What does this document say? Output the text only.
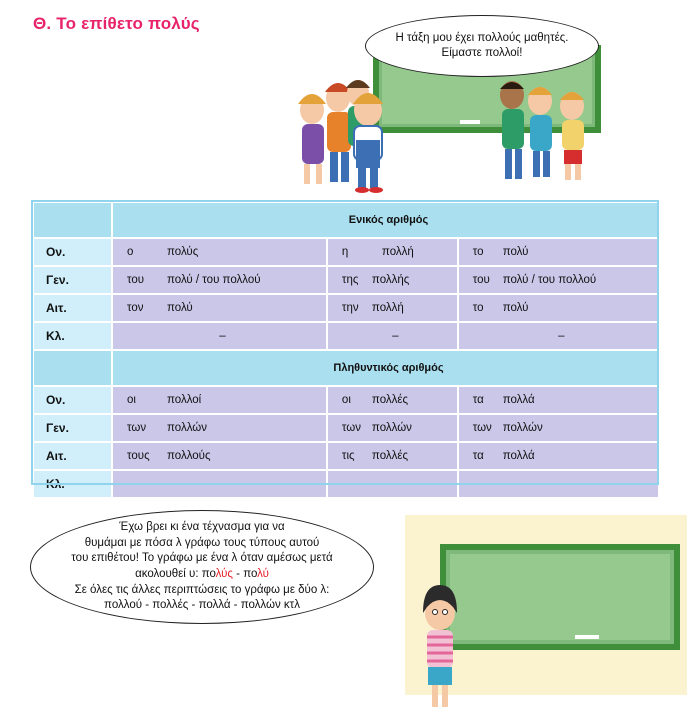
Θ. Το επίθετο πολύς
Η τάξη μου έχει πολλούς μαθητές. Είμαστε πολλοί!
	Ενικός αριθμός		
Ον.	ο πολύς	η πολλή	το πολύ
Γεν.	του πολύ / του πολλού	της πολλής	του πολύ / του πολλού
Αιτ.	τον πολύ	την πολλή	το πολύ
Κλ.	–	–	–
	Πληθυντικός αριθμός		
Ον.	οι πολλοί	οι πολλές	τα πολλά
Γεν.	των πολλών	των πολλών	των πολλών
Αιτ.	τους πολλούς	τις πολλές	τα πολλά
Κλ.	–	–	–
Έχω βρει κι ένα τέχνασμα για να
θυμάμαι με πόσα λ γράφω τους τύπους αυτού
του επιθέτου! Το γράφω με ένα λ όταν αμέσως μετά
ακολουθεί υ: πολύς - πολύ
Σε όλες τις άλλες περιπτώσεις το γράφω με δύο λ:
πολλού - πολλές - πολλά - πολλών κτλ
